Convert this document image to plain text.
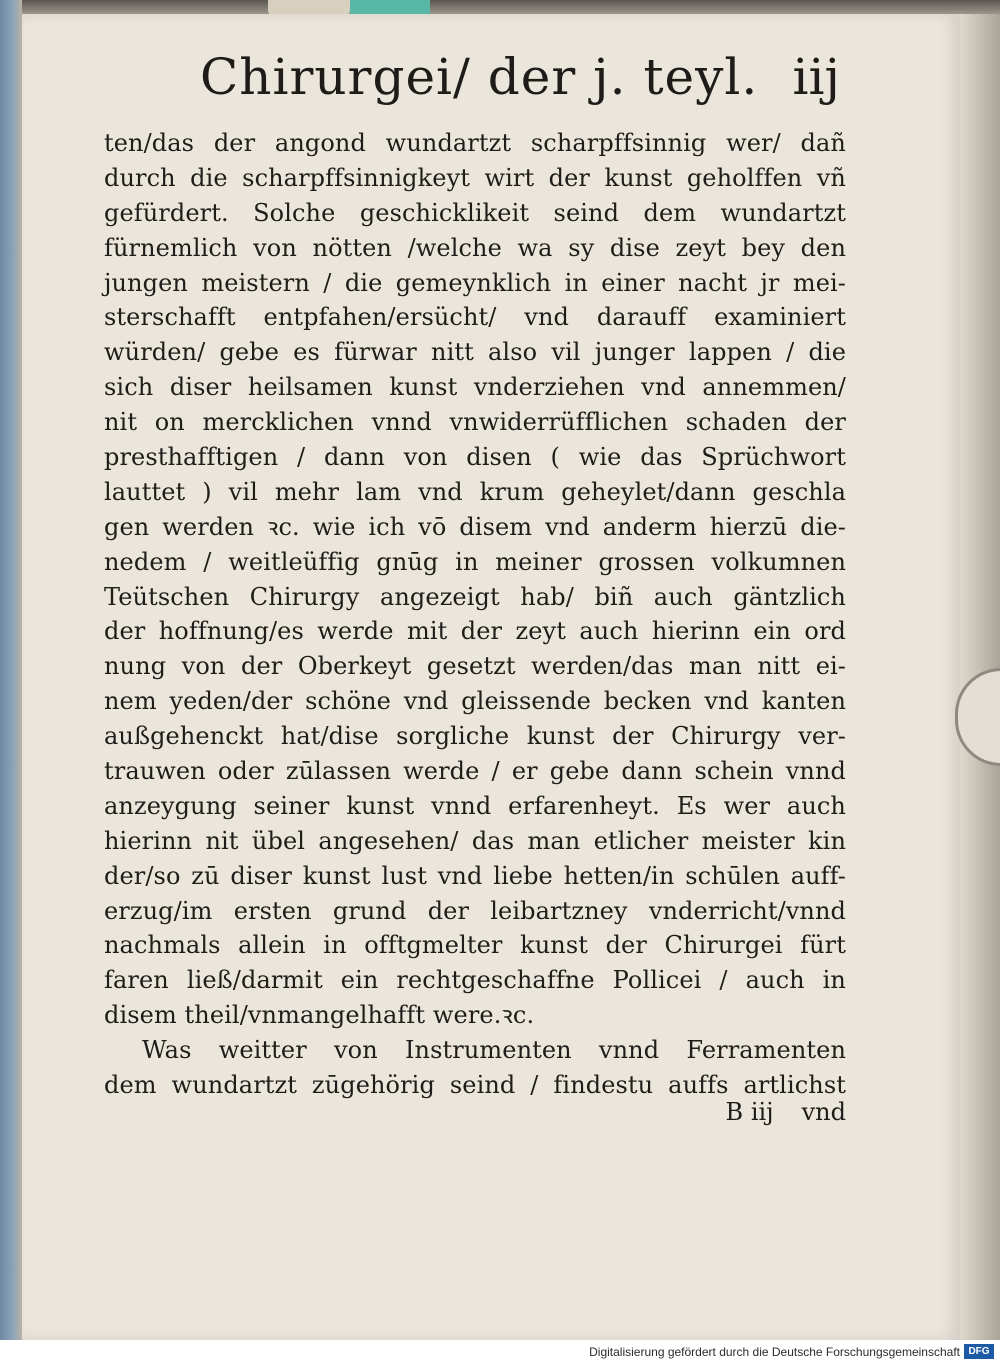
Chirurgei/ der j. teyl. iij
ten/das der angond wundartzt scharpffsinnig wer/ dañ
durch die scharpffsinnigkeyt wirt der kunst geholffen vñ
gefürdert. Solche geschicklikeit seind dem wundartzt
fürnemlich von nötten /welche wa sy dise zeyt bey den
jungen meistern / die gemeynklich in einer nacht jr mei-
sterschafft entpfahen/ersücht/ vnd darauff examiniert
würden/ gebe es fürwar nitt also vil junger lappen / die
sich diser heilsamen kunst vnderziehen vnd annemmen/
nit on mercklichen vnnd vnwiderrüfflichen schaden der
presthafftigen / dann von disen ( wie das Sprüchwort
lauttet ) vil mehr lam vnd krum geheylet/dann geschla
gen werden ꝛc. wie ich vō disem vnd anderm hierzū die-
nedem / weitleüffig gnūg in meiner grossen volkumnen
Teütschen Chirurgy angezeigt hab/ biñ auch gäntzlich
der hoffnung/es werde mit der zeyt auch hierinn ein ord
nung von der Oberkeyt gesetzt werden/das man nitt ei-
nem yeden/der schöne vnd gleissende becken vnd kanten
außgehenckt hat/dise sorgliche kunst der Chirurgy ver-
trauwen oder zūlassen werde / er gebe dann schein vnnd
anzeygung seiner kunst vnnd erfarenheyt. Es wer auch
hierinn nit übel angesehen/ das man etlicher meister kin
der/so zū diser kunst lust vnd liebe hetten/in schūlen auff-
erzug/im ersten grund der leibartzney vnderricht/vnnd
nachmals allein in offtgmelter kunst der Chirurgei fürt
faren ließ/darmit ein rechtgeschaffne Pollicei / auch in
disem theil/vnmangelhafft were.ꝛc.
Was weitter von Instrumenten vnnd Ferramenten
dem wundartzt zūgehörig seind / findestu auffs artlichst
B iij vnd
Digitalisierung gefördert durch die Deutsche Forschungsgemeinschaft DFG
